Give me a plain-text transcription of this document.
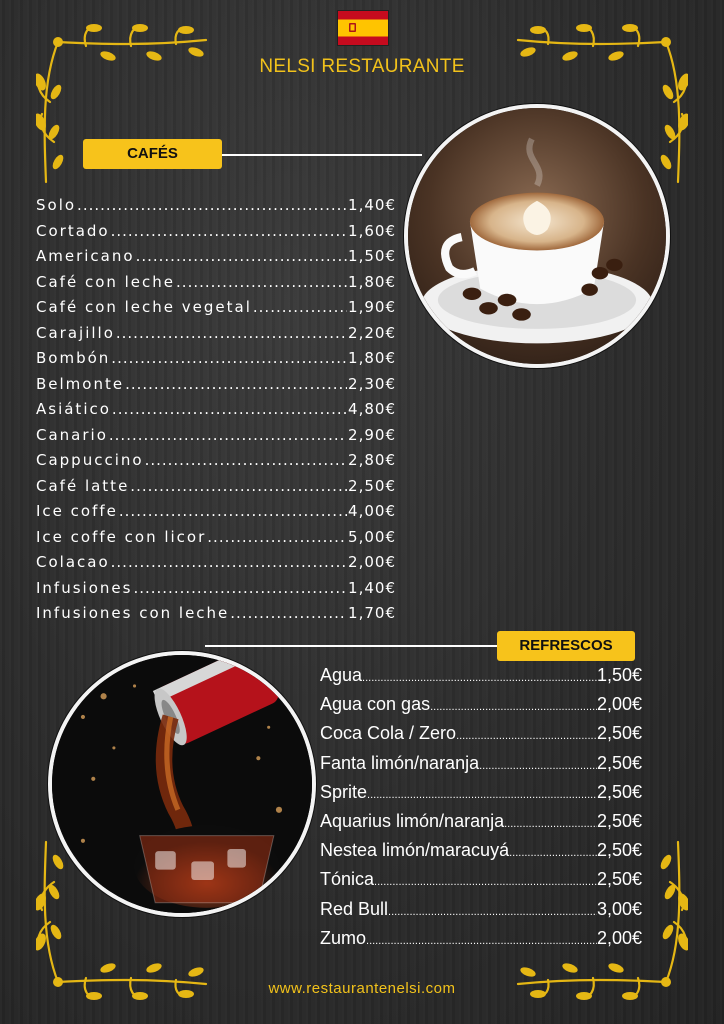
NELSI RESTAURANTE
CAFÉS
Solo .....	1,40€
Cortado .....	1,60€
Americano .....	1,50€
Café con leche .....	1,80€
Café con leche vegetal .....	1,90€
Carajillo .....	2,20€
Bombón .....	1,80€
Belmonte .....	2,30€
Asiático .....	4,80€
Canario .....	2,90€
Cappuccino .....	2,80€
Café latte .....	2,50€
Ice coffe .....	4,00€
Ice coffe con licor .....	5,00€
Colacao .....	2,00€
Infusiones .....	1,40€
Infusiones con leche .....	1,70€
REFRESCOS
Agua .....	1,50€
Agua con gas .....	2,00€
Coca Cola / Zero .....	2,50€
Fanta limón/naranja .....	2,50€
Sprite .....	2,50€
Aquarius limón/naranja .....	2,50€
Nestea limón/maracuyá .....	2,50€
Tónica .....	2,50€
Red Bull .....	3,00€
Zumo .....	2,00€
www.restaurantenelsi.com
